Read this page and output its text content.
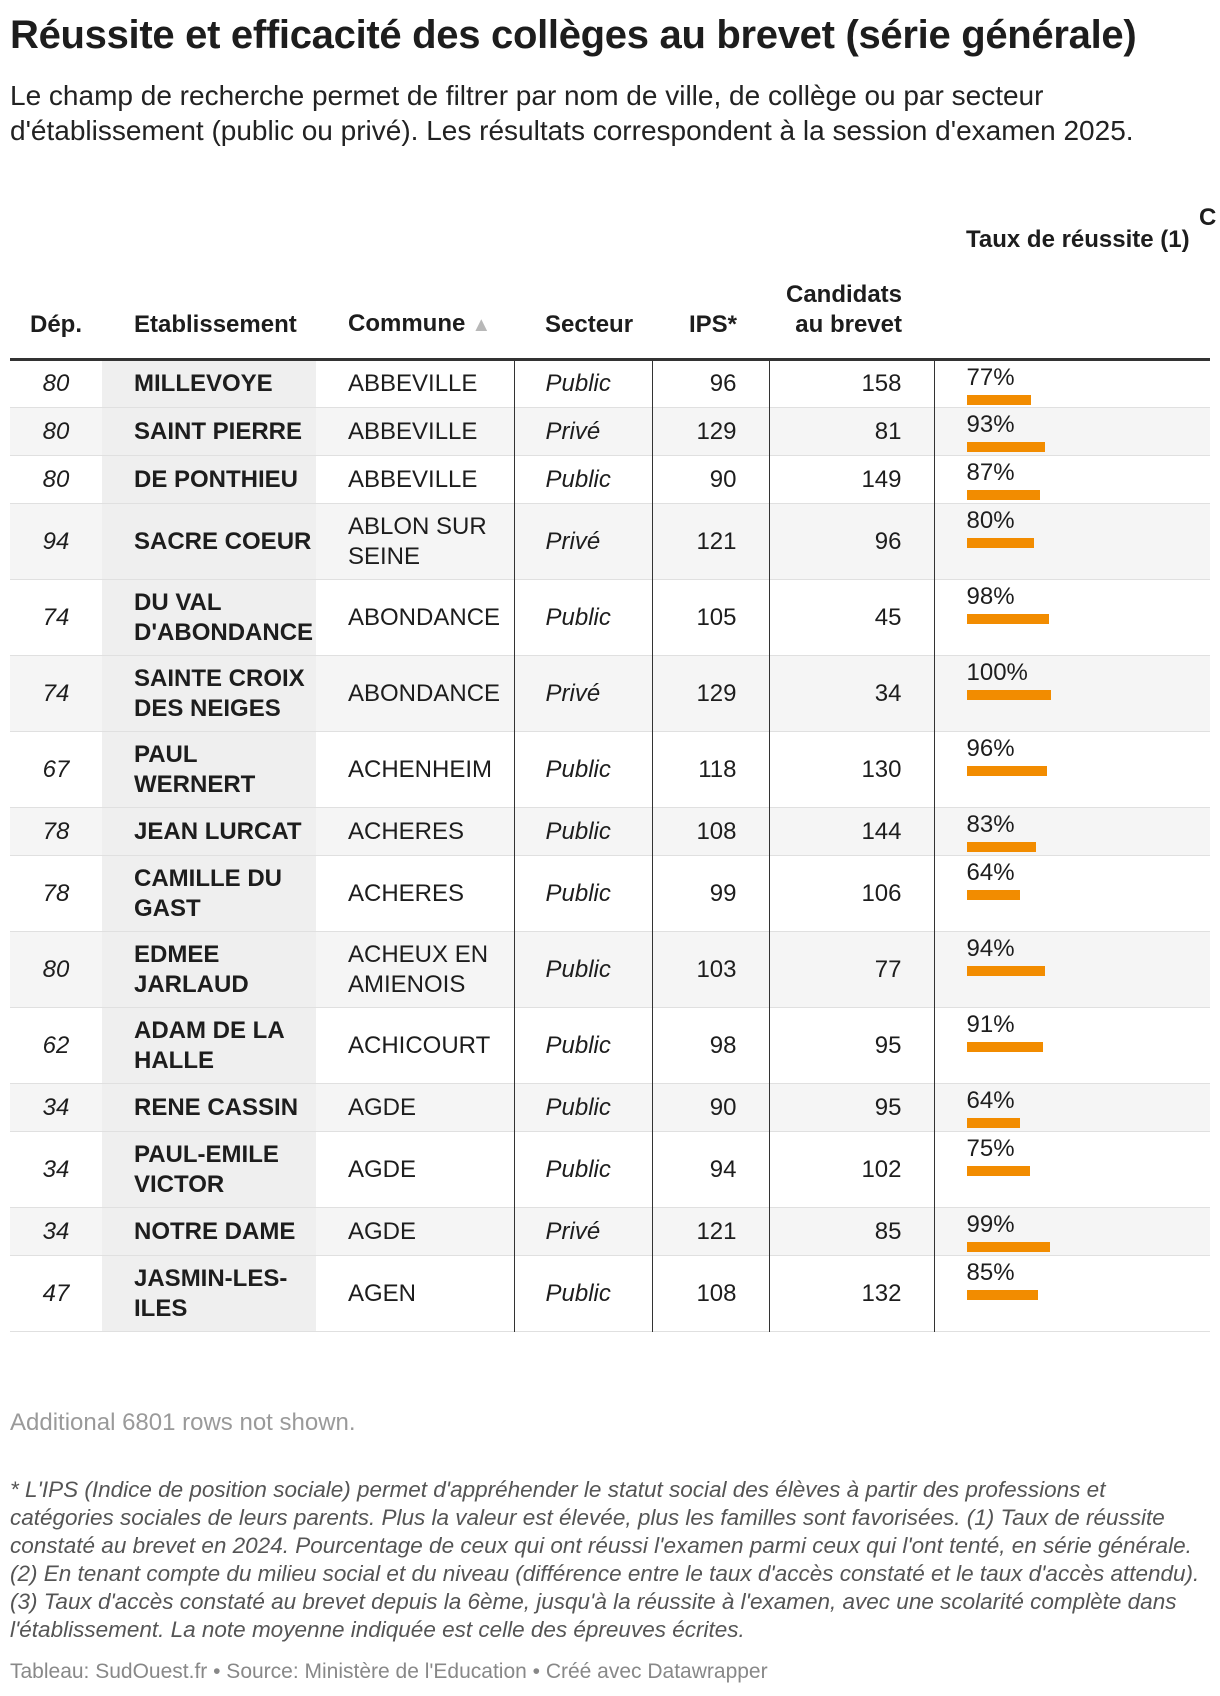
Réussite et efficacité des collèges au brevet (série générale)
Le champ de recherche permet de filtrer par nom de ville, de collège ou par secteur d'établissement (public ou privé). Les résultats correspondent à la session d'examen 2025.
C
Dép.	Etablissement	Commune ▲	Secteur	IPS*	Candidats au brevet	Taux de réussite (1)
80	MILLEVOYE	ABBEVILLE	Public	96	158	77%

80	SAINT PIERRE	ABBEVILLE	Privé	129	81	93%

80	DE PONTHIEU	ABBEVILLE	Public	90	149	87%

94	SACRE COEUR	ABLON SUR SEINE	Privé	121	96	80%

74	DU VAL D'ABONDANCE	ABONDANCE	Public	105	45	98%

74	SAINTE CROIX DES NEIGES	ABONDANCE	Privé	129	34	100%

67	PAUL WERNERT	ACHENHEIM	Public	118	130	96%

78	JEAN LURCAT	ACHERES	Public	108	144	83%

78	CAMILLE DU GAST	ACHERES	Public	99	106	64%

80	EDMEE JARLAUD	ACHEUX EN AMIENOIS	Public	103	77	94%

62	ADAM DE LA HALLE	ACHICOURT	Public	98	95	91%

34	RENE CASSIN	AGDE	Public	90	95	64%

34	PAUL-EMILE VICTOR	AGDE	Public	94	102	75%

34	NOTRE DAME	AGDE	Privé	121	85	99%

47	JASMIN-LES-ILES	AGEN	Public	108	132	85%
Additional 6801 rows not shown.
* L'IPS (Indice de position sociale) permet d'appréhender le statut social des élèves à partir des professions et catégories sociales de leurs parents. Plus la valeur est élevée, plus les familles sont favorisées. (1) Taux de réussite constaté au brevet en 2024. Pourcentage de ceux qui ont réussi l'examen parmi ceux qui l'ont tenté, en série générale. (2) En tenant compte du milieu social et du niveau (différence entre le taux d'accès constaté et le taux d'accès attendu). (3) Taux d'accès constaté au brevet depuis la 6ème, jusqu'à la réussite à l'examen, avec une scolarité complète dans l'établissement. La note moyenne indiquée est celle des épreuves écrites.
Tableau: SudOuest.fr • Source: Ministère de l'Education • Créé avec Datawrapper
